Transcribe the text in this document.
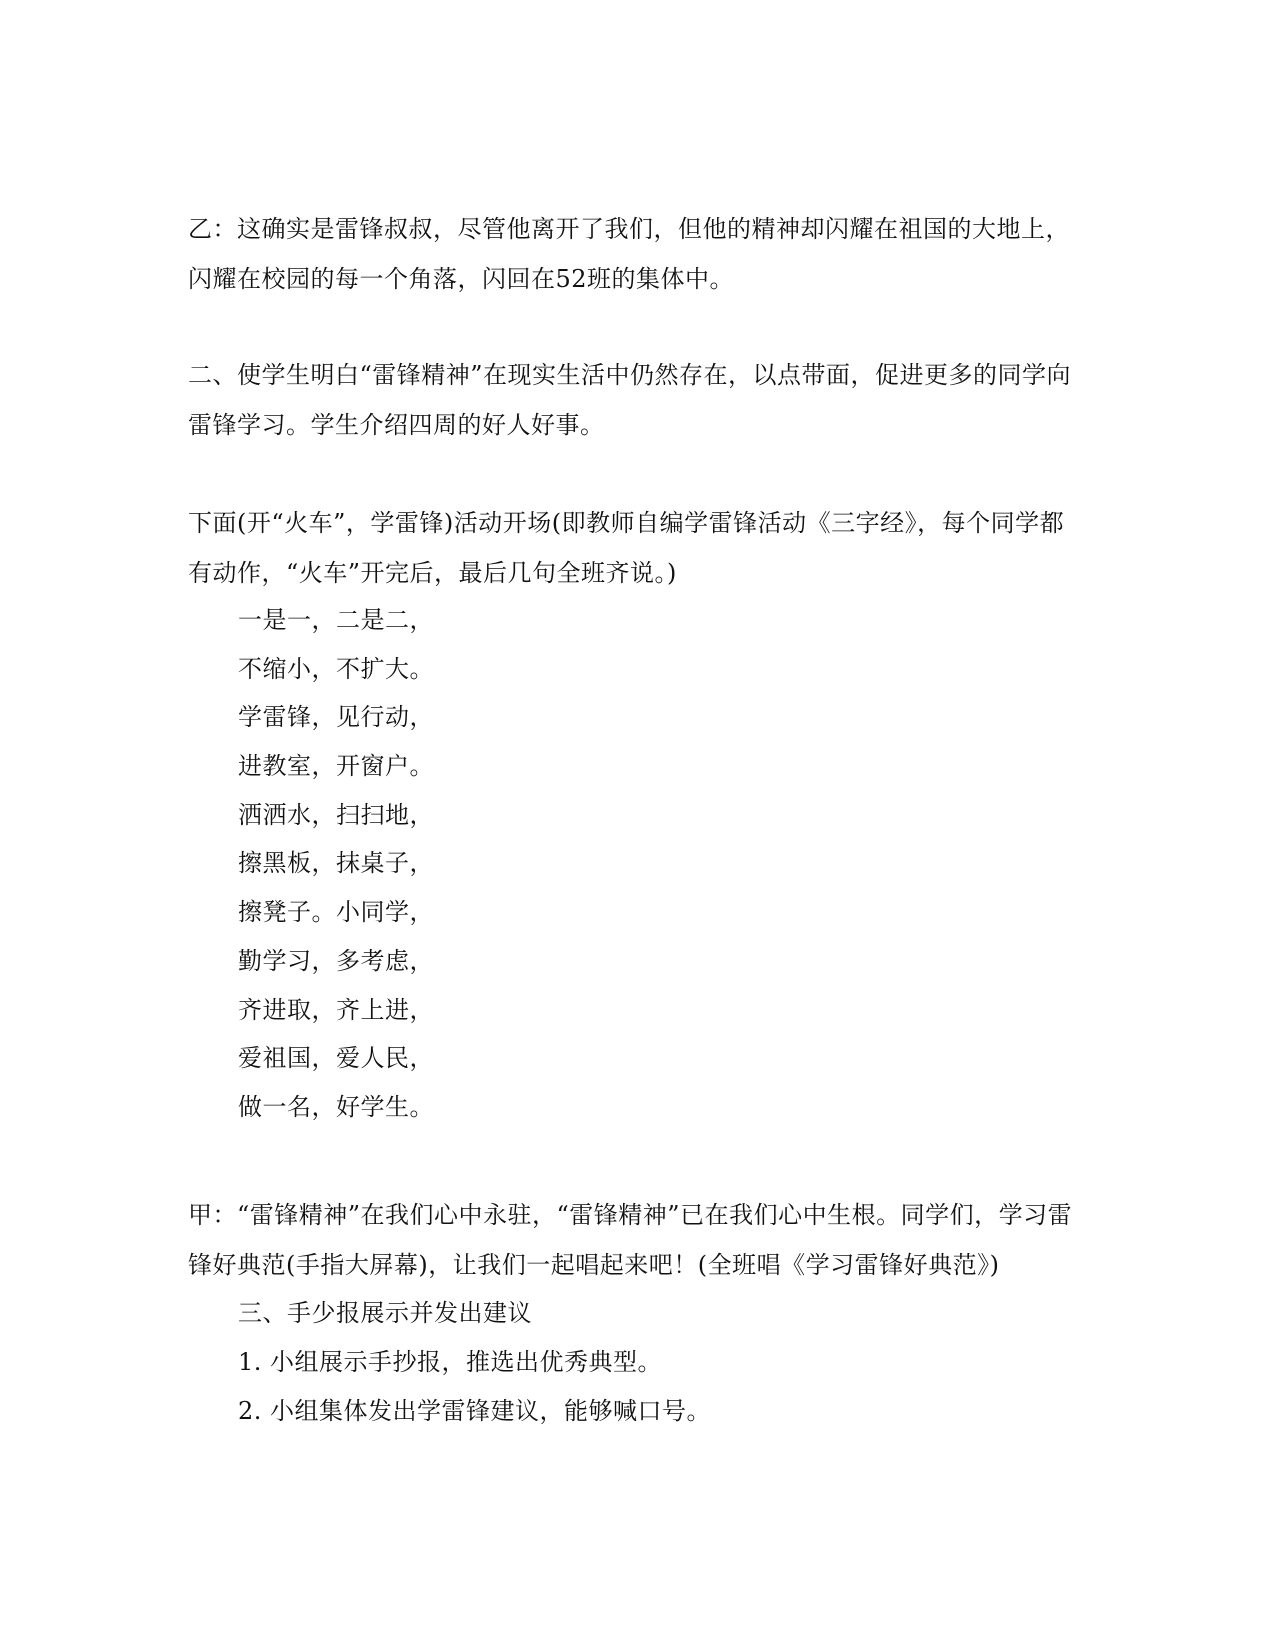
乙：这确实是雷锋叔叔，尽管他离开了我们，但他的精神却闪耀在祖国的大地上，闪耀在校园的每一个角落，闪回在52班的集体中。

二、使学生明白“雷锋精神”在现实生活中仍然存在，以点带面，促进更多的同学向雷锋学习。学生介绍四周的好人好事。

下面(开“火车”，学雷锋)活动开场(即教师自编学雷锋活动《三字经》，每个同学都有动作，“火车”开完后，最后几句全班齐说。)

一是一，二是二，
不缩小，不扩大。
学雷锋，见行动，
进教室，开窗户。
洒洒水，扫扫地，
擦黑板，抹桌子，
擦凳子。小同学，
勤学习，多考虑，
齐进取，齐上进，
爱祖国，爱人民，
做一名，好学生。

甲：“雷锋精神”在我们心中永驻，“雷锋精神”已在我们心中生根。同学们，学习雷锋好典范(手指大屏幕)，让我们一起唱起来吧！(全班唱《学习雷锋好典范》)

三、手少报展示并发出建议
1. 小组展示手抄报，推选出优秀典型。
2. 小组集体发出学雷锋建议，能够喊口号。
